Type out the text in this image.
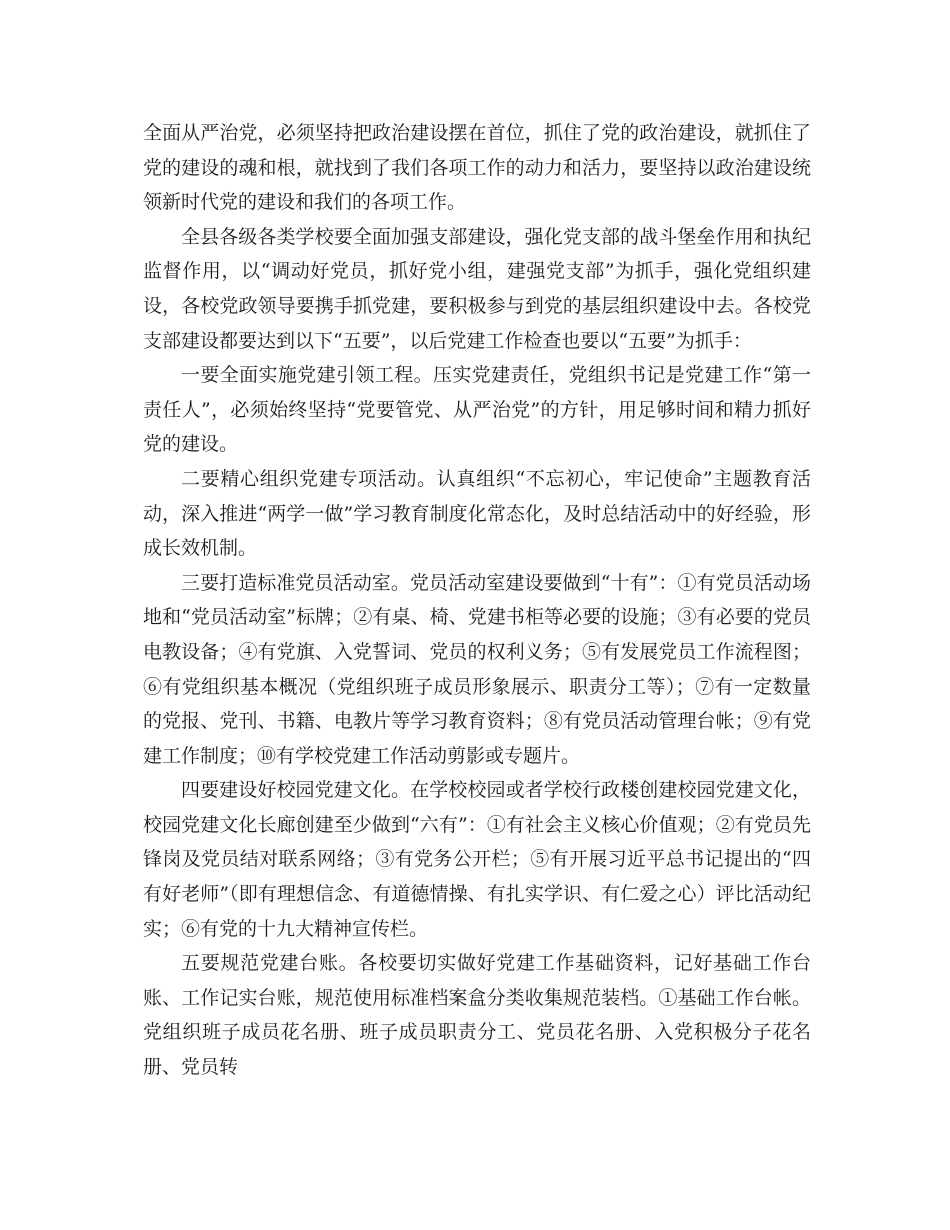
全面从严治党，必须坚持把政治建设摆在首位，抓住了党的政治建设，就抓住了党的建设的魂和根，就找到了我们各项工作的动力和活力，要坚持以政治建设统领新时代党的建设和我们的各项工作。

全县各级各类学校要全面加强支部建设，强化党支部的战斗堡垒作用和执纪监督作用，以“调动好党员，抓好党小组，建强党支部”为抓手，强化党组织建设，各校党政领导要携手抓党建，要积极参与到党的基层组织建设中去。各校党支部建设都要达到以下“五要”，以后党建工作检查也要以“五要”为抓手：

一要全面实施党建引领工程。压实党建责任，党组织书记是党建工作“第一责任人”，必须始终坚持“党要管党、从严治党”的方针，用足够时间和精力抓好党的建设。

二要精心组织党建专项活动。认真组织“不忘初心，牢记使命”主题教育活动，深入推进“两学一做”学习教育制度化常态化，及时总结活动中的好经验，形成长效机制。

三要打造标准党员活动室。党员活动室建设要做到“十有”：①有党员活动场地和“党员活动室”标牌；②有桌、椅、党建书柜等必要的设施；③有必要的党员电教设备；④有党旗、入党誓词、党员的权利义务；⑤有发展党员工作流程图；⑥有党组织基本概况（党组织班子成员形象展示、职责分工等）；⑦有一定数量的党报、党刊、书籍、电教片等学习教育资料；⑧有党员活动管理台帐；⑨有党建工作制度；⑩有学校党建工作活动剪影或专题片。

四要建设好校园党建文化。在学校校园或者学校行政楼创建校园党建文化，校园党建文化长廊创建至少做到“六有”：①有社会主义核心价值观；②有党员先锋岗及党员结对联系网络；③有党务公开栏；⑤有开展习近平总书记提出的“四有好老师”（即有理想信念、有道德情操、有扎实学识、有仁爱之心）评比活动纪实；⑥有党的十九大精神宣传栏。

五要规范党建台账。各校要切实做好党建工作基础资料，记好基础工作台账、工作记实台账，规范使用标准档案盒分类收集规范装档。①基础工作台帐。党组织班子成员花名册、班子成员职责分工、党员花名册、入党积极分子花名册、党员转
